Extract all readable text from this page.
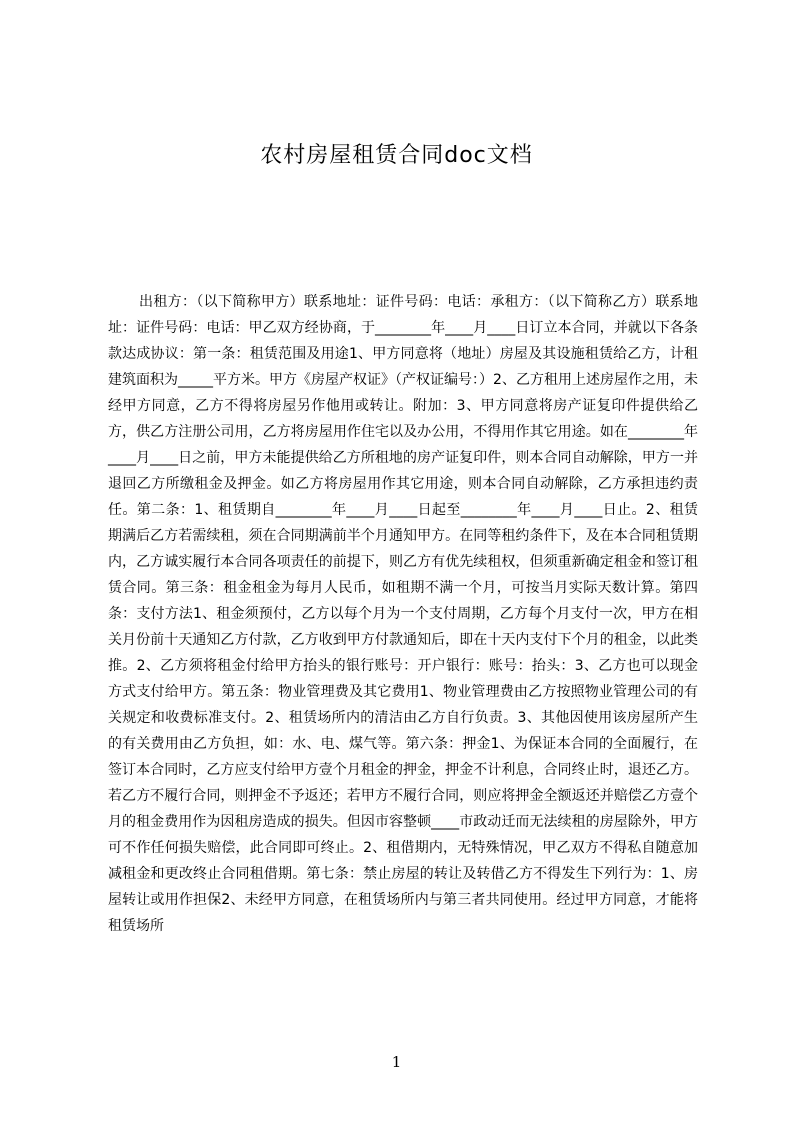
农村房屋租赁合同doc文档

出租方：（以下简称甲方）联系地址：证件号码：电话：承租方：（以下简称乙方）联系地址：证件号码：电话：甲乙双方经协商，于________年____月____日订立本合同，并就以下各条款达成协议：第一条：租赁范围及用途1、甲方同意将（地址）房屋及其设施租赁给乙方，计租建筑面积为_____平方米。甲方《房屋产权证》（产权证编号：）2、乙方租用上述房屋作之用，未经甲方同意，乙方不得将房屋另作他用或转让。附加：3、甲方同意将房产证复印件提供给乙方，供乙方注册公司用，乙方将房屋用作住宅以及办公用，不得用作其它用途。如在________年____月____日之前，甲方未能提供给乙方所租地的房产证复印件，则本合同自动解除，甲方一并退回乙方所缴租金及押金。如乙方将房屋用作其它用途，则本合同自动解除，乙方承担违约责任。第二条：1、租赁期自________年____月____日起至________年____月____日止。2、租赁期满后乙方若需续租，须在合同期满前半个月通知甲方。在同等租约条件下，及在本合同租赁期内，乙方诚实履行本合同各项责任的前提下，则乙方有优先续租权，但须重新确定租金和签订租赁合同。第三条：租金租金为每月人民币，如租期不满一个月，可按当月实际天数计算。第四条：支付方法1、租金须预付，乙方以每个月为一个支付周期，乙方每个月支付一次，甲方在相关月份前十天通知乙方付款，乙方收到甲方付款通知后，即在十天内支付下个月的租金，以此类推。2、乙方须将租金付给甲方抬头的银行账号：开户银行：账号：抬头：3、乙方也可以现金方式支付给甲方。第五条：物业管理费及其它费用1、物业管理费由乙方按照物业管理公司的有关规定和收费标准支付。2、租赁场所内的清洁由乙方自行负责。3、其他因使用该房屋所产生的有关费用由乙方负担，如：水、电、煤气等。第六条：押金1、为保证本合同的全面履行，在签订本合同时，乙方应支付给甲方壹个月租金的押金，押金不计利息，合同终止时，退还乙方。若乙方不履行合同，则押金不予返还；若甲方不履行合同，则应将押金全额返还并赔偿乙方壹个月的租金费用作为因租房造成的损失。但因市容整顿____市政动迁而无法续租的房屋除外，甲方可不作任何损失赔偿，此合同即可终止。2、租借期内，无特殊情况，甲乙双方不得私自随意加减租金和更改终止合同租借期。第七条：禁止房屋的转让及转借乙方不得发生下列行为：1、房屋转让或用作担保2、未经甲方同意，在租赁场所内与第三者共同使用。经过甲方同意，才能将租赁场所

1
